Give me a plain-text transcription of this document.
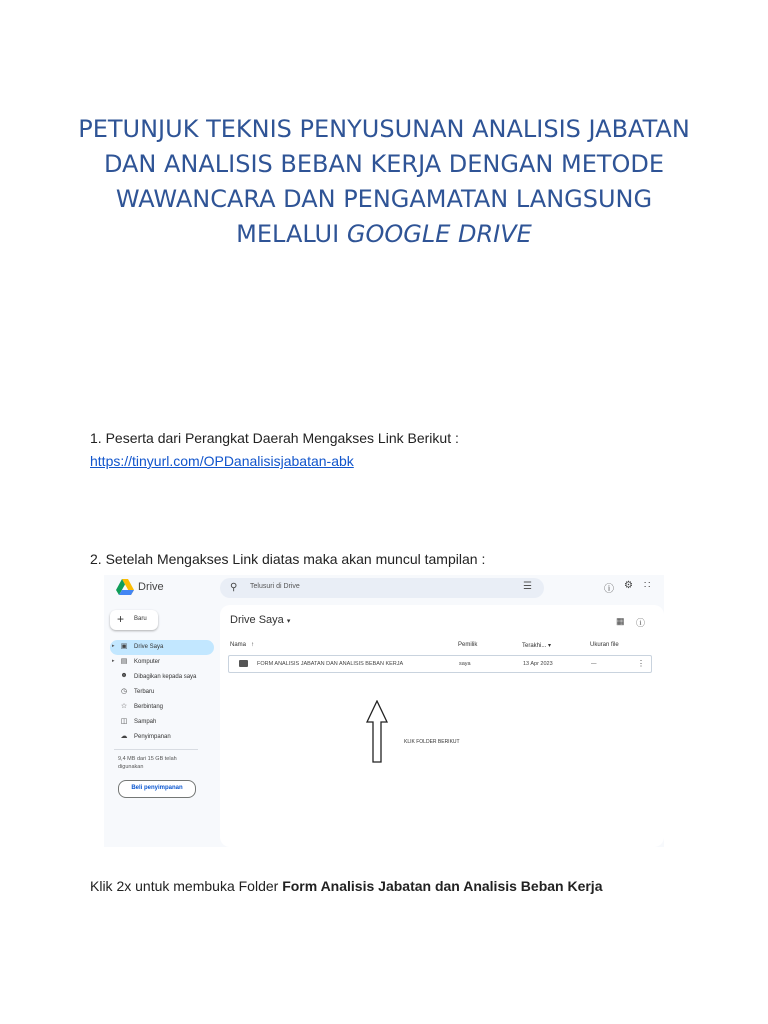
PETUNJUK TEKNIS PENYUSUNAN ANALISIS JABATAN
DAN ANALISIS BEBAN KERJA DENGAN METODE
WAWANCARA DAN PENGAMATAN LANGSUNG
MELALUI GOOGLE DRIVE
1. Peserta dari Perangkat Daerah Mengakses Link Berikut :
https://tinyurl.com/OPDanalisisjabatan-abk
2. Setelah Mengakses Link diatas maka akan muncul tampilan :
Drive	⚲ Telusuri di Drive	☰	ⓘ ⚙ ∷
+ Baru
▸ ▣ Drive Saya
▸ ▤ Komputer
☻ Dibagikan kepada saya
◷	Terbaru
☆	Berbintang
◫ Sampah
☁ Penyimpanan
9,4 MB dari 15 GB telah digunakan
Beli penyimpanan
Drive Saya ▾	▦ ⓘ
Nama ↑	Pemilik	Terakhi... ▾	Ukuran file
FORM ANALISIS JABATAN DAN ANALISIS BEBAN KERJA	saya	13 Apr 2023	—	⋮
KLIK FOLDER BERIKUT
Klik 2x untuk membuka Folder Form Analisis Jabatan dan Analisis Beban Kerja
